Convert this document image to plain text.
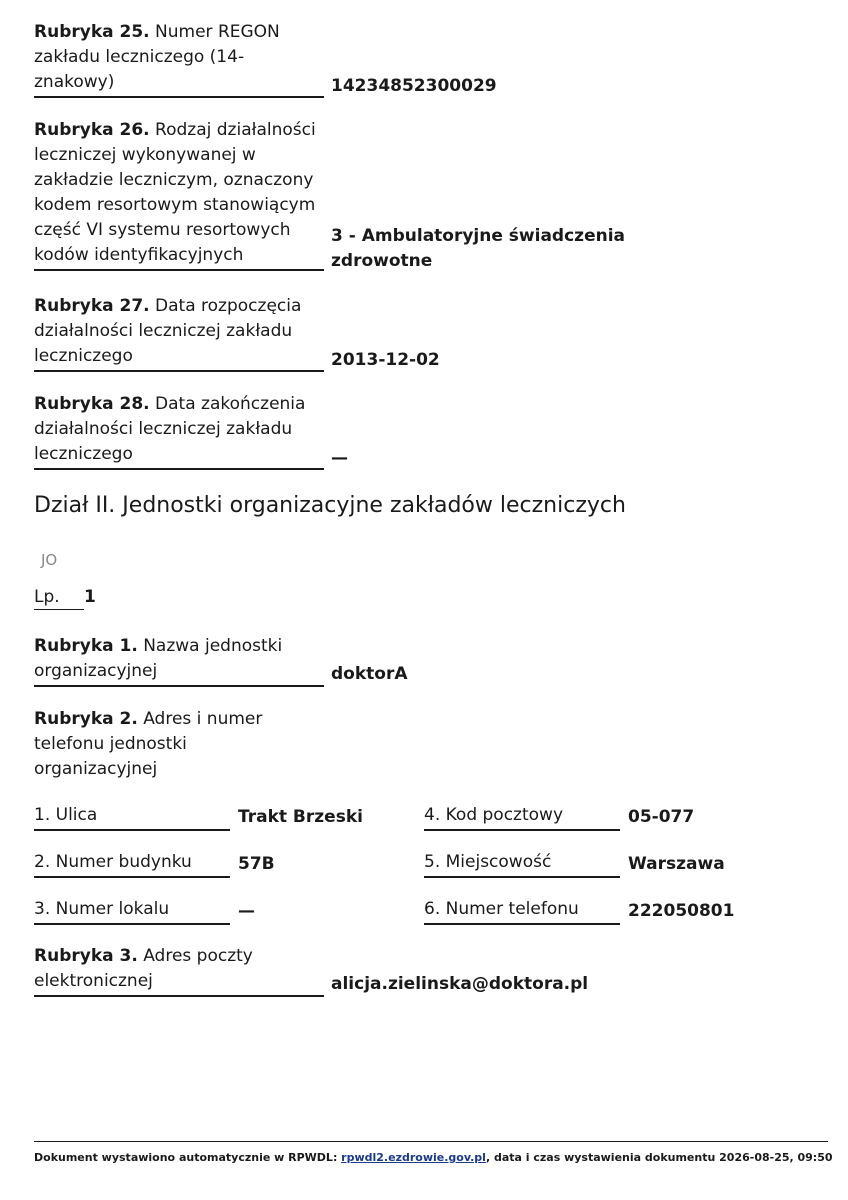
Rubryka 25. Numer REGON zakładu leczniczego (14-znakowy)	14234852300029
Rubryka 26. Rodzaj działalności leczniczej wykonywanej w zakładzie leczniczym, oznaczony kodem resortowym stanowiącym część VI systemu resortowych kodów identyfikacyjnych
3 - Ambulatoryjne świadczenia
zdrowotne
Rubryka 27. Data rozpoczęcia działalności leczniczej zakładu leczniczego	2013-12-02
Rubryka 28. Data zakończenia działalności leczniczej zakładu leczniczego	—
Dział II. Jednostki organizacyjne zakładów leczniczych
JO
Lp. 1
Rubryka 1. Nazwa jednostki organizacyjnej	doktorA
Rubryka 2. Adres i numer telefonu jednostki organizacyjnej
1. Ulica	Trakt Brzeski
2. Numer budynku	57B
3. Numer lokalu	—
4. Kod pocztowy	05-077
5. Miejscowość	Warszawa
6. Numer telefonu	222050801
Rubryka 3. Adres poczty elektronicznej	alicja.zielinska@doktora.pl
Dokument wystawiono automatycznie w RPWDL: rpwdl2.ezdrowie.gov.pl, data i czas wystawienia dokumentu 2026-08-25, 09:50
